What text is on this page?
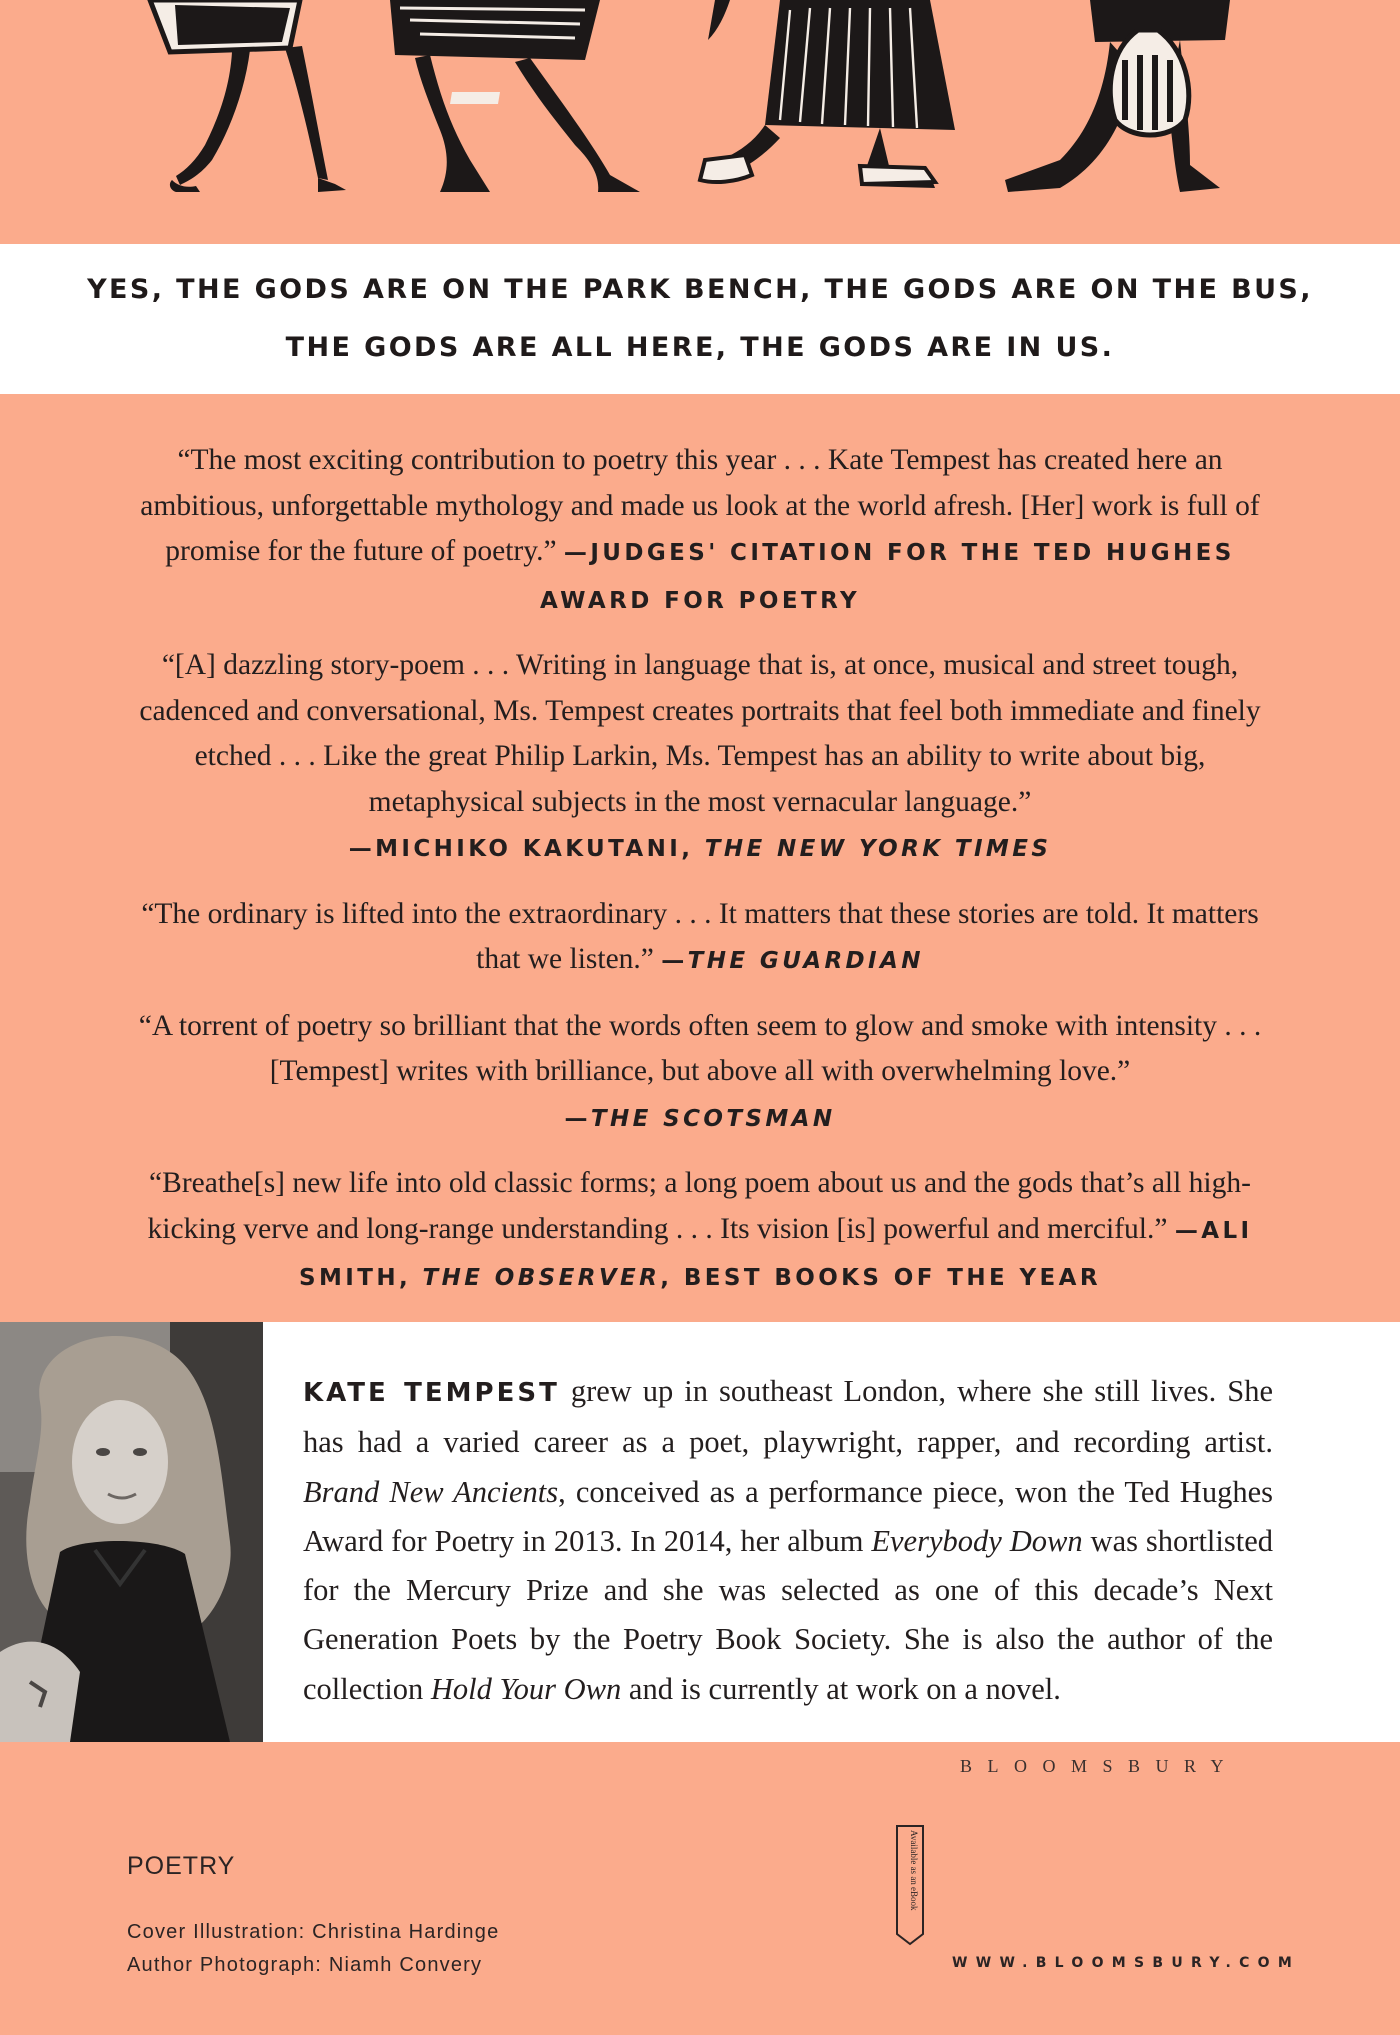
YES, THE GODS ARE ON THE PARK BENCH, THE GODS ARE ON THE BUS,
THE GODS ARE ALL HERE, THE GODS ARE IN US.

“The most exciting contribution to poetry this year . . . Kate Tempest has created here an ambitious, unforgettable mythology and made us look at the world afresh. [Her] work is full of promise for the future of poetry.” —JUDGES' CITATION FOR THE TED HUGHES AWARD FOR POETRY

“[A] dazzling story-poem . . . Writing in language that is, at once, musical and street tough, cadenced and conversational, Ms. Tempest creates portraits that feel both immediate and finely etched . . . Like the great Philip Larkin, Ms. Tempest has an ability to write about big, metaphysical subjects in the most vernacular language.”
—MICHIKO KAKUTANI, THE NEW YORK TIMES

“The ordinary is lifted into the extraordinary . . . It matters that these stories are told. It matters that we listen.” —THE GUARDIAN

“A torrent of poetry so brilliant that the words often seem to glow and smoke with intensity . . . [Tempest] writes with brilliance, but above all with overwhelming love.”
—THE SCOTSMAN

“Breathe[s] new life into old classic forms; a long poem about us and the gods that’s all high-kicking verve and long-range understanding . . . Its vision [is] powerful and merciful.” —ALI SMITH, THE OBSERVER, BEST BOOKS OF THE YEAR

KATE TEMPEST grew up in southeast London, where she still lives. She has had a varied career as a poet, playwright, rapper, and recording artist. Brand New Ancients, conceived as a performance piece, won the Ted Hughes Award for Poetry in 2013. In 2014, her album Everybody Down was shortlisted for the Mercury Prize and she was selected as one of this decade’s Next Generation Poets by the Poetry Book Society. She is also the author of the collection Hold Your Own and is currently at work on a novel.

BLOOMSBURY
POETRY
Cover Illustration: Christina Hardinge
Author Photograph: Niamh Convery
Available as an eBook
WWW.BLOOMSBURY.COM
